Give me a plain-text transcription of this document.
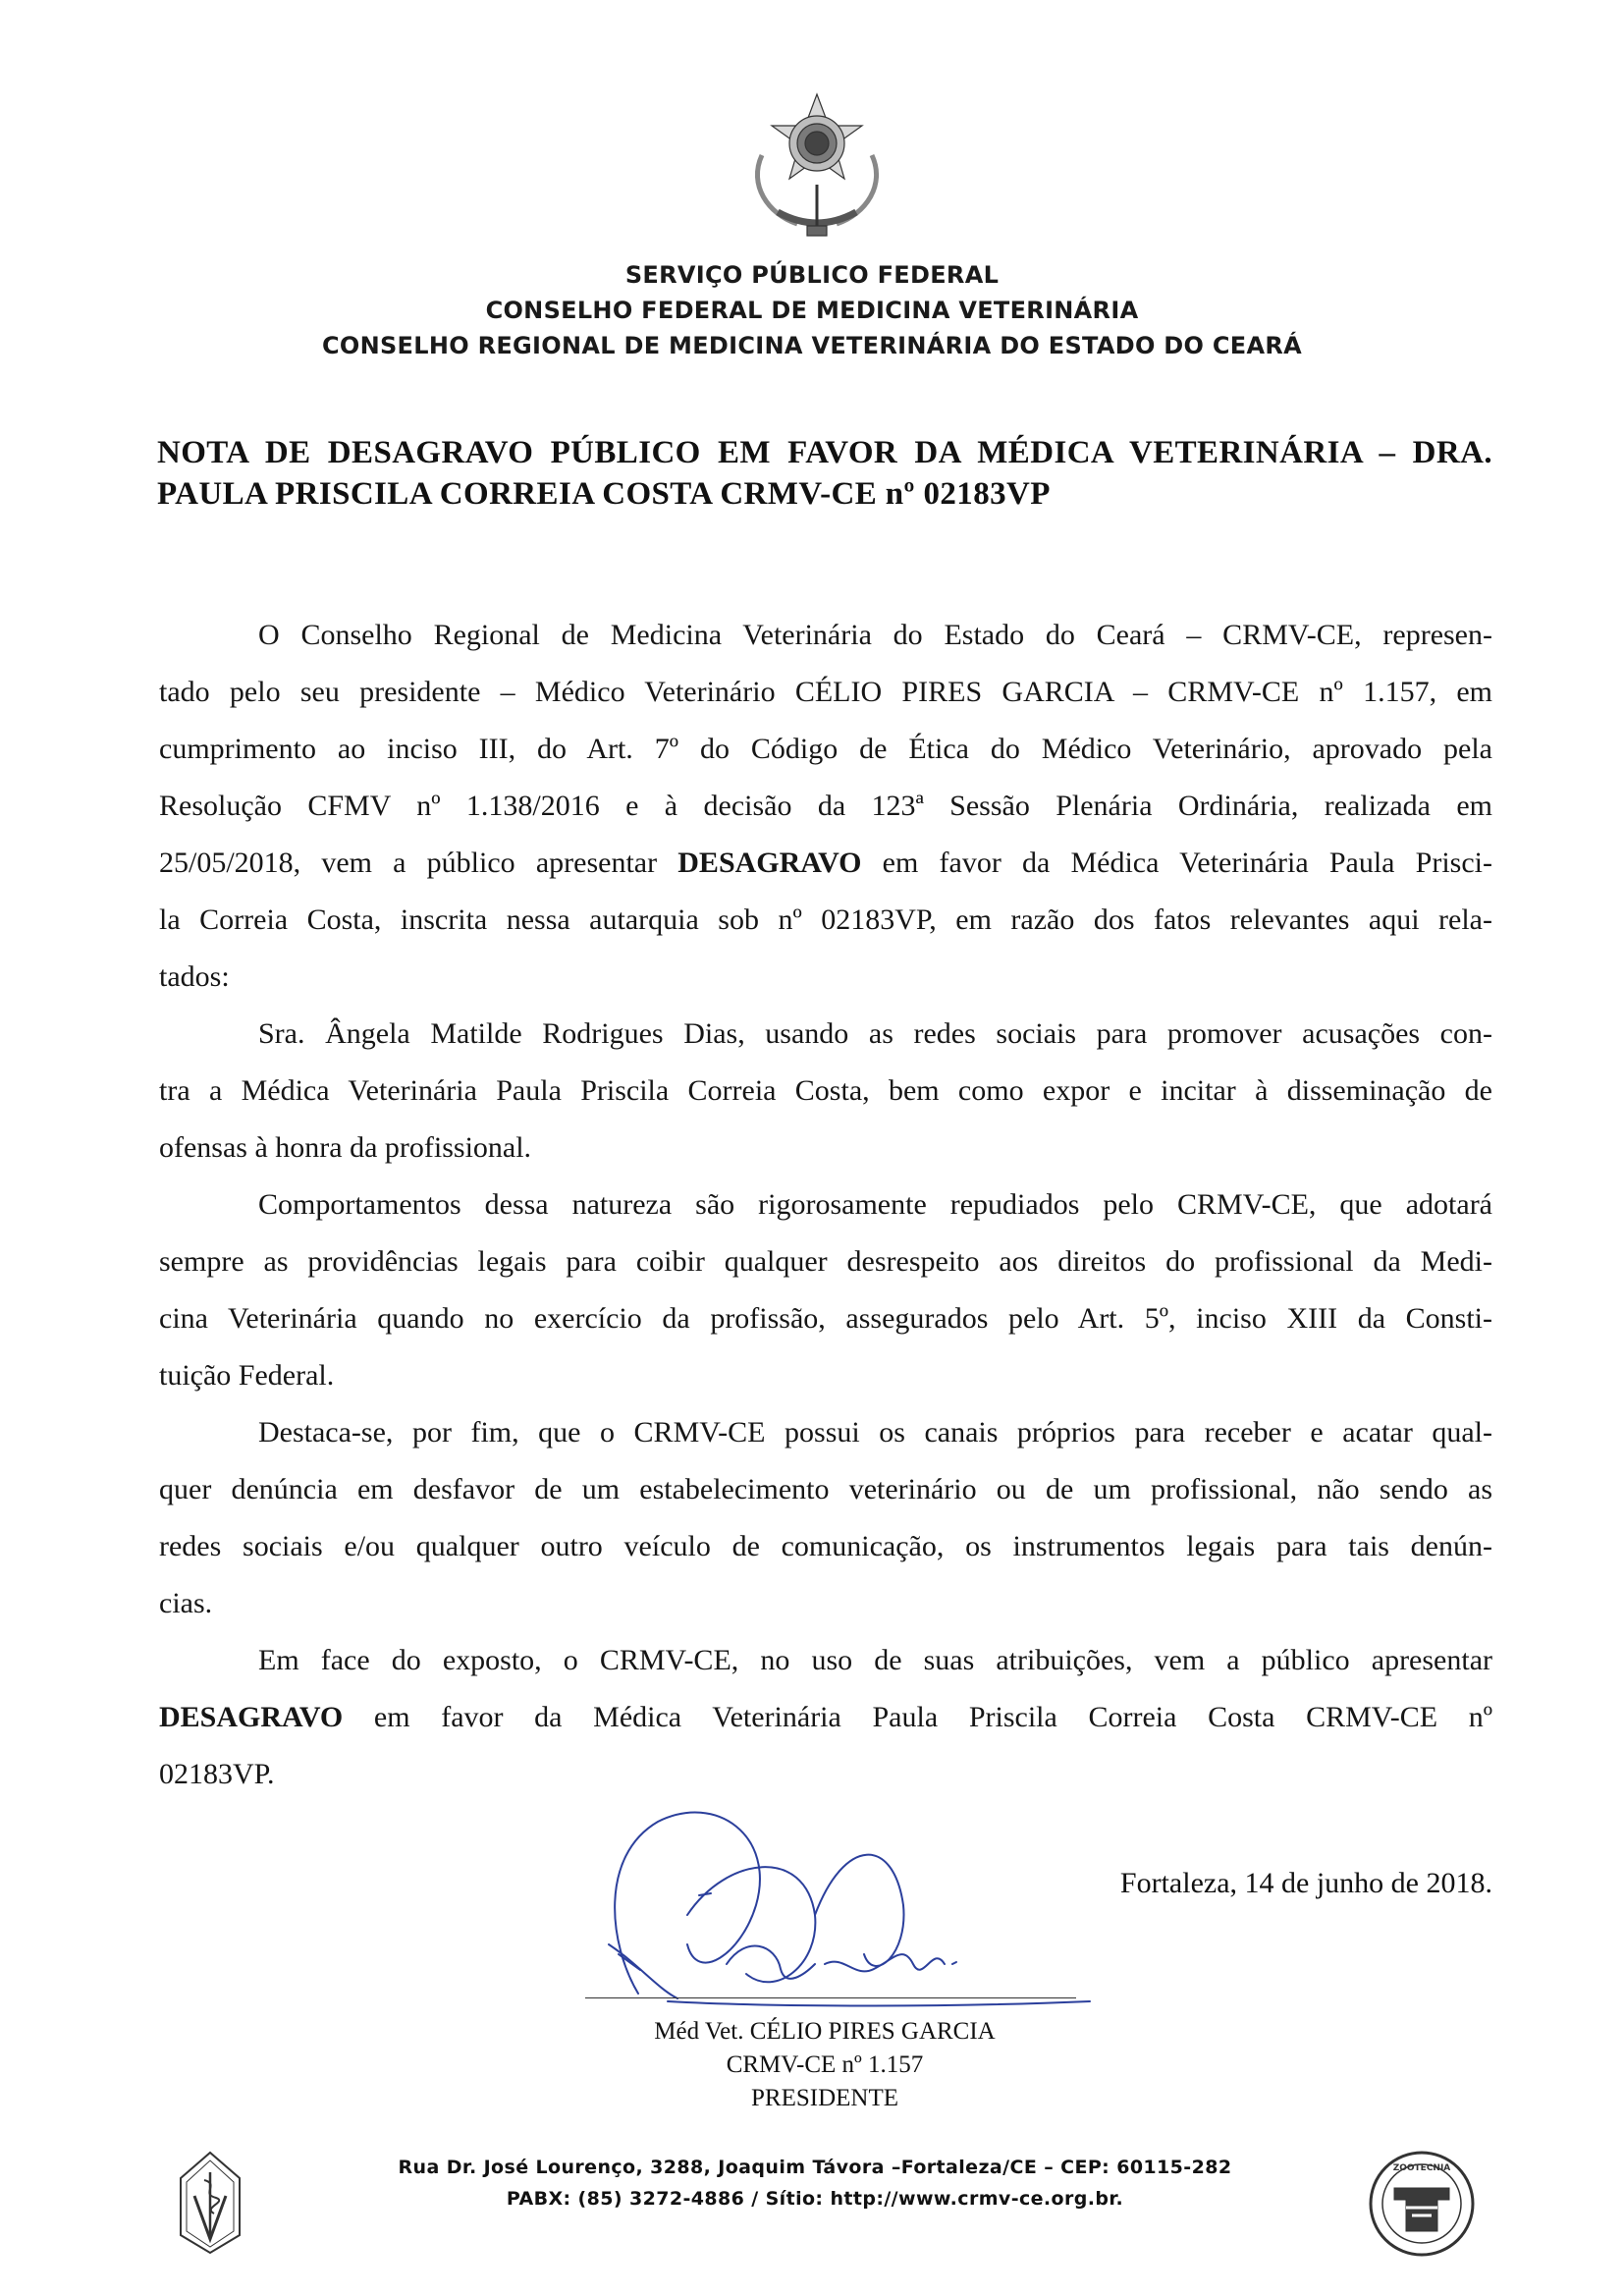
SERVIÇO PÚBLICO FEDERAL
CONSELHO FEDERAL DE MEDICINA VETERINÁRIA
CONSELHO REGIONAL DE MEDICINA VETERINÁRIA DO ESTADO DO CEARÁ
NOTA DE DESAGRAVO PÚBLICO EM FAVOR DA MÉDICA VETERINÁRIA – DRA.
PAULA PRISCILA CORREIA COSTA CRMV-CE nº 02183VP
O Conselho Regional de Medicina Veterinária do Estado do Ceará – CRMV-CE, represen-
tado pelo seu presidente – Médico Veterinário CÉLIO PIRES GARCIA – CRMV-CE nº 1.157, em
cumprimento ao inciso III, do Art. 7º do Código de Ética do Médico Veterinário, aprovado pela
Resolução CFMV nº 1.138/2016 e à decisão da 123ª Sessão Plenária Ordinária, realizada em
25/05/2018, vem a público apresentar DESAGRAVO em favor da Médica Veterinária Paula Prisci-
la Correia Costa, inscrita nessa autarquia sob nº 02183VP, em razão dos fatos relevantes aqui rela-
tados:
Sra. Ângela Matilde Rodrigues Dias, usando as redes sociais para promover acusações con-
tra a Médica Veterinária Paula Priscila Correia Costa, bem como expor e incitar à disseminação de
ofensas à honra da profissional.
Comportamentos dessa natureza são rigorosamente repudiados pelo CRMV-CE, que adotará
sempre as providências legais para coibir qualquer desrespeito aos direitos do profissional da Medi-
cina Veterinária quando no exercício da profissão, assegurados pelo Art. 5º, inciso XIII da Consti-
tuição Federal.
Destaca-se, por fim, que o CRMV-CE possui os canais próprios para receber e acatar qual-
quer denúncia em desfavor de um estabelecimento veterinário ou de um profissional, não sendo as
redes sociais e/ou qualquer outro veículo de comunicação, os instrumentos legais para tais denún-
cias.
Em face do exposto, o CRMV-CE, no uso de suas atribuições, vem a público apresentar
DESAGRAVO em favor da Médica Veterinária Paula Priscila Correia Costa CRMV-CE nº
02183VP.
Fortaleza, 14 de junho de 2018.
Méd Vet. CÉLIO PIRES GARCIA
CRMV-CE nº 1.157
PRESIDENTE
Rua Dr. José Lourenço, 3288, Joaquim Távora –Fortaleza/CE – CEP: 60115-282
PABX: (85) 3272-4886 / Sítio: http://www.crmv-ce.org.br.
ZOOTECNIA
